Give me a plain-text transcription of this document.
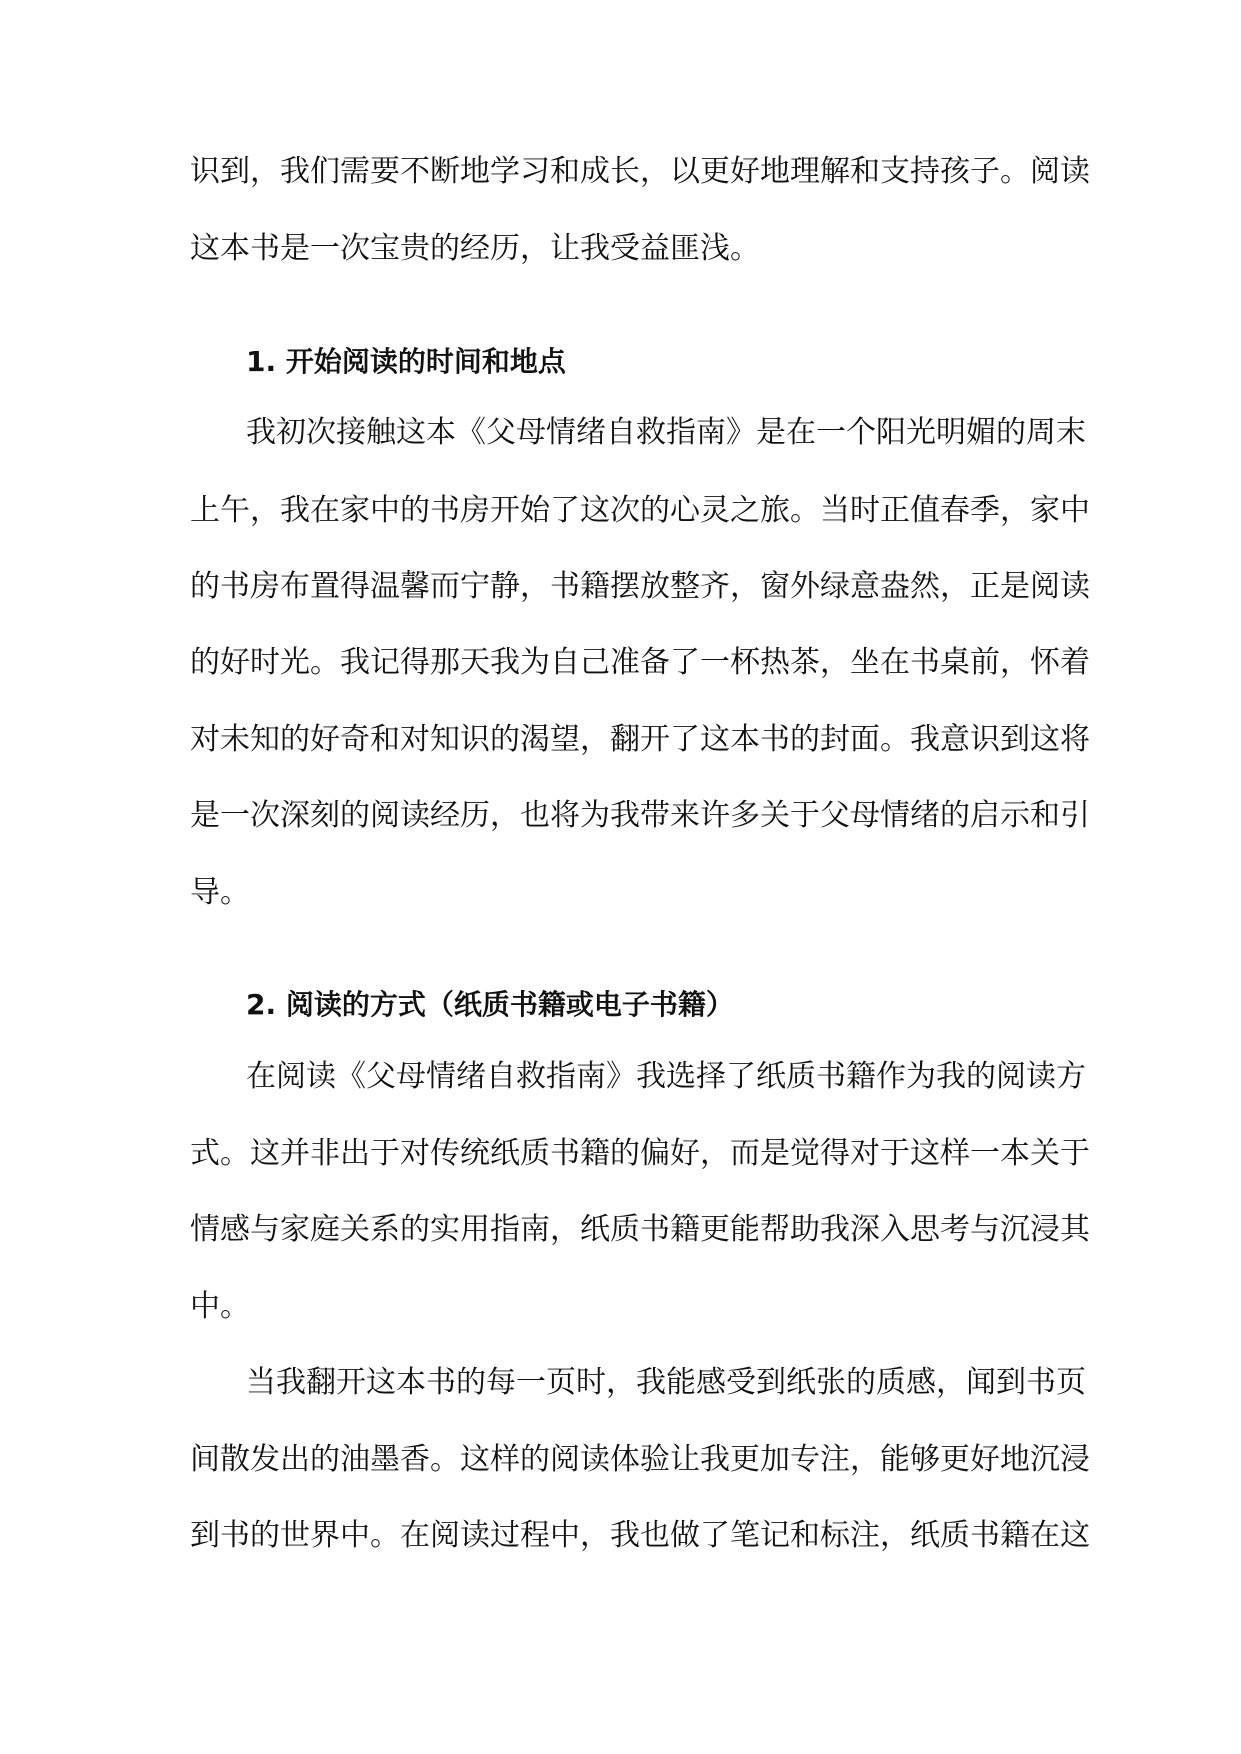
识到，我们需要不断地学习和成长，以更好地理解和支持孩子。阅读
这本书是一次宝贵的经历，让我受益匪浅。
1. 开始阅读的时间和地点
我初次接触这本《父母情绪自救指南》是在一个阳光明媚的周末
上午，我在家中的书房开始了这次的心灵之旅。当时正值春季，家中
的书房布置得温馨而宁静，书籍摆放整齐，窗外绿意盎然，正是阅读
的好时光。我记得那天我为自己准备了一杯热茶，坐在书桌前，怀着
对未知的好奇和对知识的渴望，翻开了这本书的封面。我意识到这将
是一次深刻的阅读经历，也将为我带来许多关于父母情绪的启示和引
导。
2. 阅读的方式（纸质书籍或电子书籍）
在阅读《父母情绪自救指南》我选择了纸质书籍作为我的阅读方
式。这并非出于对传统纸质书籍的偏好，而是觉得对于这样一本关于
情感与家庭关系的实用指南，纸质书籍更能帮助我深入思考与沉浸其
中。
当我翻开这本书的每一页时，我能感受到纸张的质感，闻到书页
间散发出的油墨香。这样的阅读体验让我更加专注，能够更好地沉浸
到书的世界中。在阅读过程中，我也做了笔记和标注，纸质书籍在这
